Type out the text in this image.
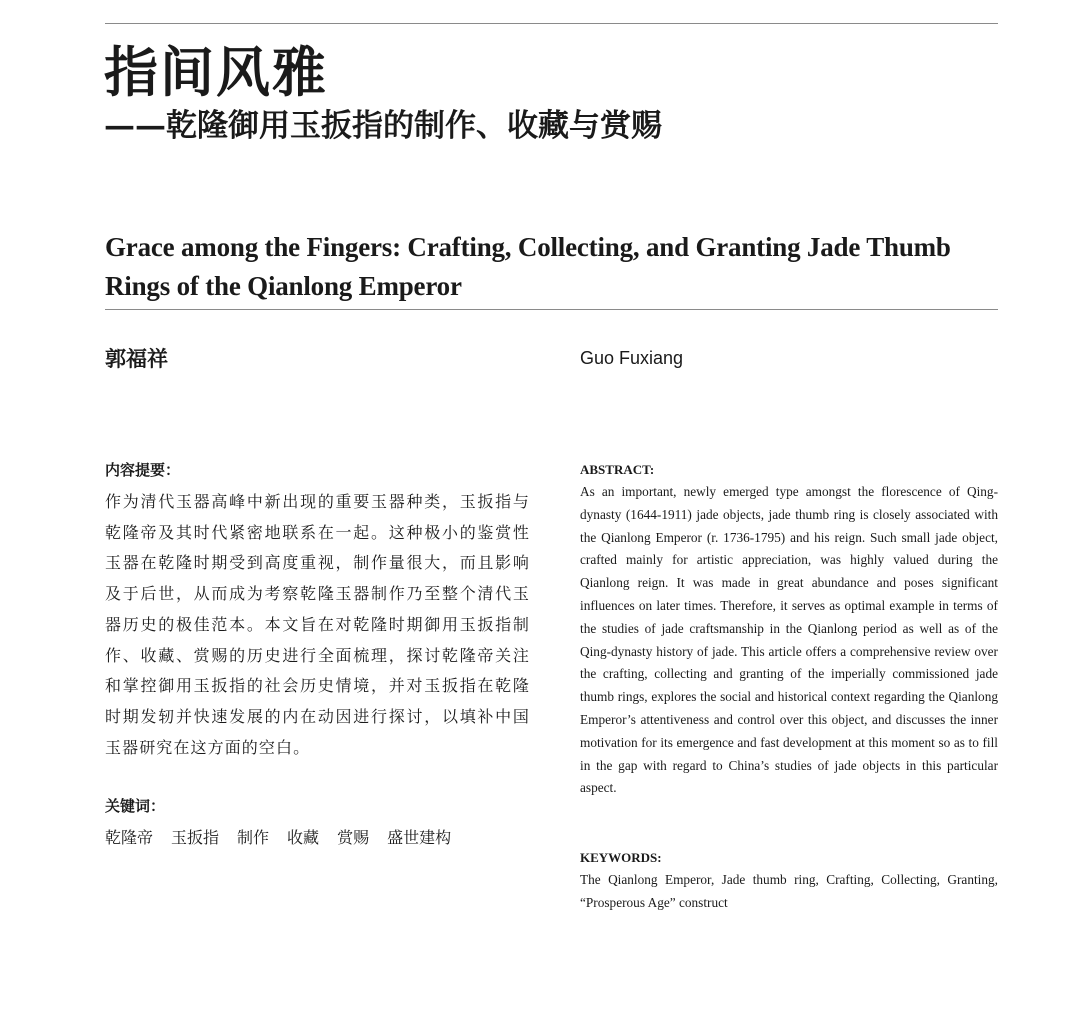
指间风雅
——乾隆御用玉扳指的制作、收藏与赏赐
Grace among the Fingers: Crafting, Collecting, and Granting Jade Thumb Rings of the Qianlong Emperor
郭福祥	Guo Fuxiang
内容提要：

作为清代玉器高峰中新出现的重要玉器种类，玉扳指与乾隆帝及其时代紧密地联系在一起。这种极小的鉴赏性玉器在乾隆时期受到高度重视，制作量很大，而且影响及于后世，从而成为考察乾隆玉器制作乃至整个清代玉器历史的极佳范本。本文旨在对乾隆时期御用玉扳指制作、收藏、赏赐的历史进行全面梳理，探讨乾隆帝关注和掌控御用玉扳指的社会历史情境，并对玉扳指在乾隆时期发轫并快速发展的内在动因进行探讨，以填补中国玉器研究在这方面的空白。

关键词：
乾隆帝 玉扳指 制作 收藏 赏赐 盛世建构
ABSTRACT:

As an important, newly emerged type amongst the florescence of Qing-dynasty (1644-1911) jade objects, jade thumb ring is closely associated with the Qianlong Emperor (r. 1736-1795) and his reign. Such small jade object, crafted mainly for artistic appreciation, was highly valued during the Qianlong reign. It was made in great abundance and poses significant influences on later times. Therefore, it serves as optimal example in terms of the studies of jade craftsmanship in the Qianlong period as well as of the Qing-dynasty history of jade. This article offers a comprehensive review over the crafting, collecting and granting of the imperially commissioned jade thumb rings, explores the social and historical context regarding the Qianlong Emperor’s attentiveness and control over this object, and discusses the inner motivation for its emergence and fast development at this moment so as to fill in the gap with regard to China’s studies of jade objects in this particular aspect.

KEYWORDS:

The Qianlong Emperor, Jade thumb ring, Crafting, Collecting, Granting, “Prosperous Age” construct
